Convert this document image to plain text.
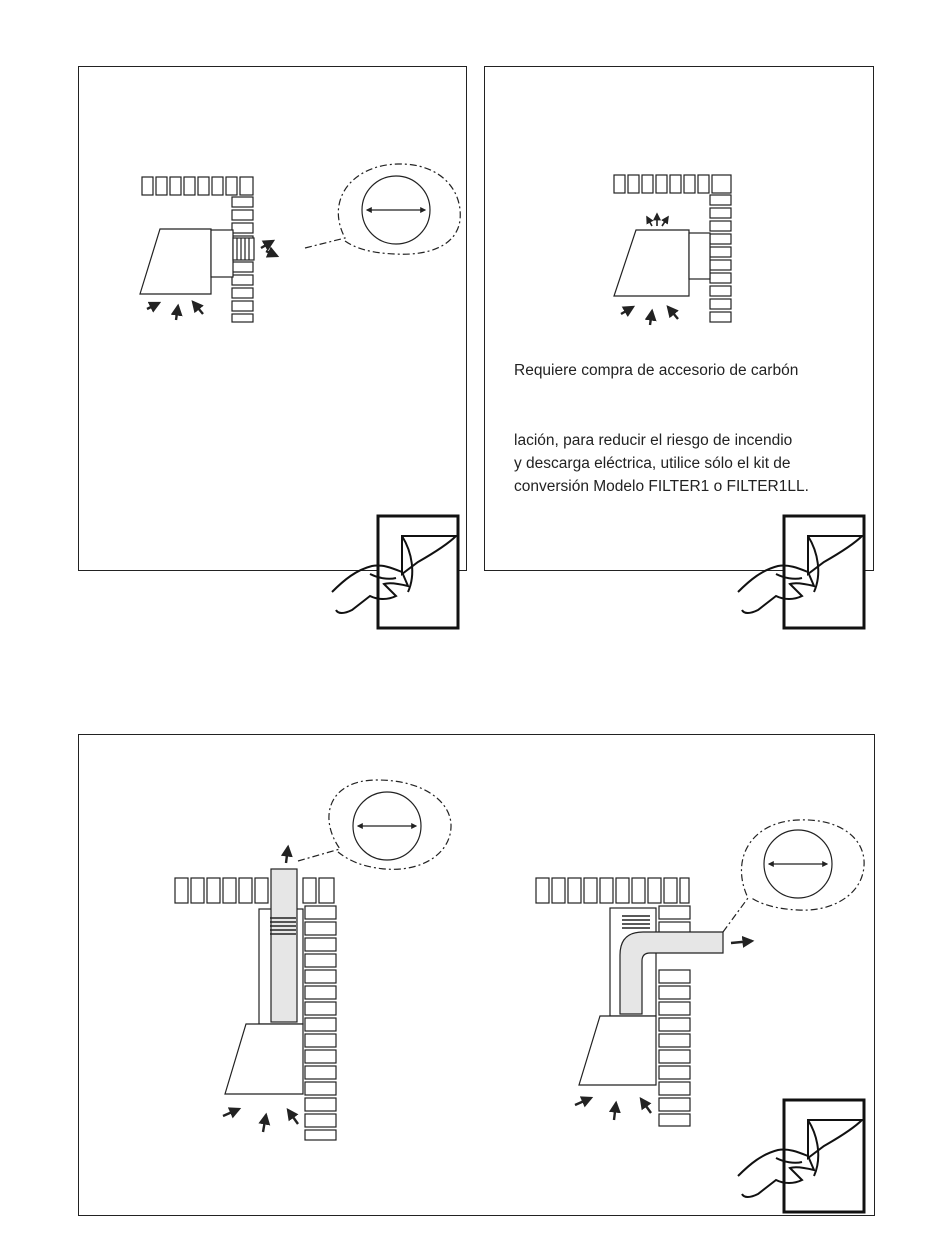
Requiere compra de accesorio de carbón

lación, para reducir el riesgo de incendio

y descarga eléctrica, utilice sólo el kit de

conversión Modelo FILTER1 o FILTER1LL.
